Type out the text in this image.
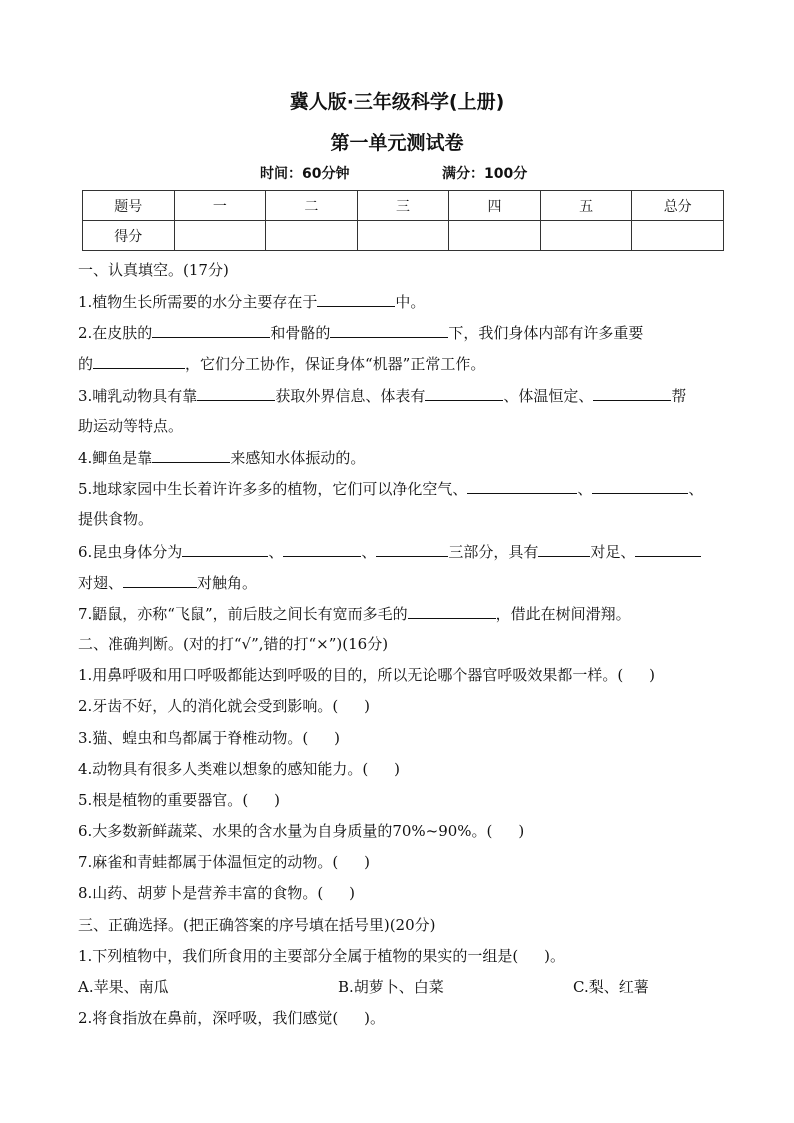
冀人版·三年级科学(上册)
第一单元测试卷
时间：60分钟	满分：100分
题号	一	二	三	四	五	总分
得分						
一、认真填空。(17分)
1.植物生长所需要的水分主要存在于	中。
2.在皮肤的	和骨骼的	下，我们身体内部有许多重要
的	，它们分工协作，保证身体“机器”正常工作。
3.哺乳动物具有靠	获取外界信息、体表有	、体温恒定、	帮
助运动等特点。
4.鲫鱼是靠	来感知水体振动的。
5.地球家园中生长着许许多多的植物，它们可以净化空气、	、	、
提供食物。
6.昆虫身体分为	、	、	三部分，具有	对足、
对翅、	对触角。
7.鼯鼠，亦称“飞鼠”，前后肢之间长有宽而多毛的	，借此在树间滑翔。
二、准确判断。(对的打“√”,错的打“×”)(16分)
1.用鼻呼吸和用口呼吸都能达到呼吸的目的，所以无论哪个器官呼吸效果都一样。( )
2.牙齿不好，人的消化就会受到影响。( )
3.猫、蝗虫和鸟都属于脊椎动物。( )
4.动物具有很多人类难以想象的感知能力。( )
5.根是植物的重要器官。( )
6.大多数新鲜蔬菜、水果的含水量为自身质量的70%~90%。( )
7.麻雀和青蛙都属于体温恒定的动物。( )
8.山药、胡萝卜是营养丰富的食物。( )
三、正确选择。(把正确答案的序号填在括号里)(20分)
1.下列植物中，我们所食用的主要部分全属于植物的果实的一组是( )。
A.苹果、南瓜	B.胡萝卜、白菜	C.梨、红薯
2.将食指放在鼻前，深呼吸，我们感觉( )。
